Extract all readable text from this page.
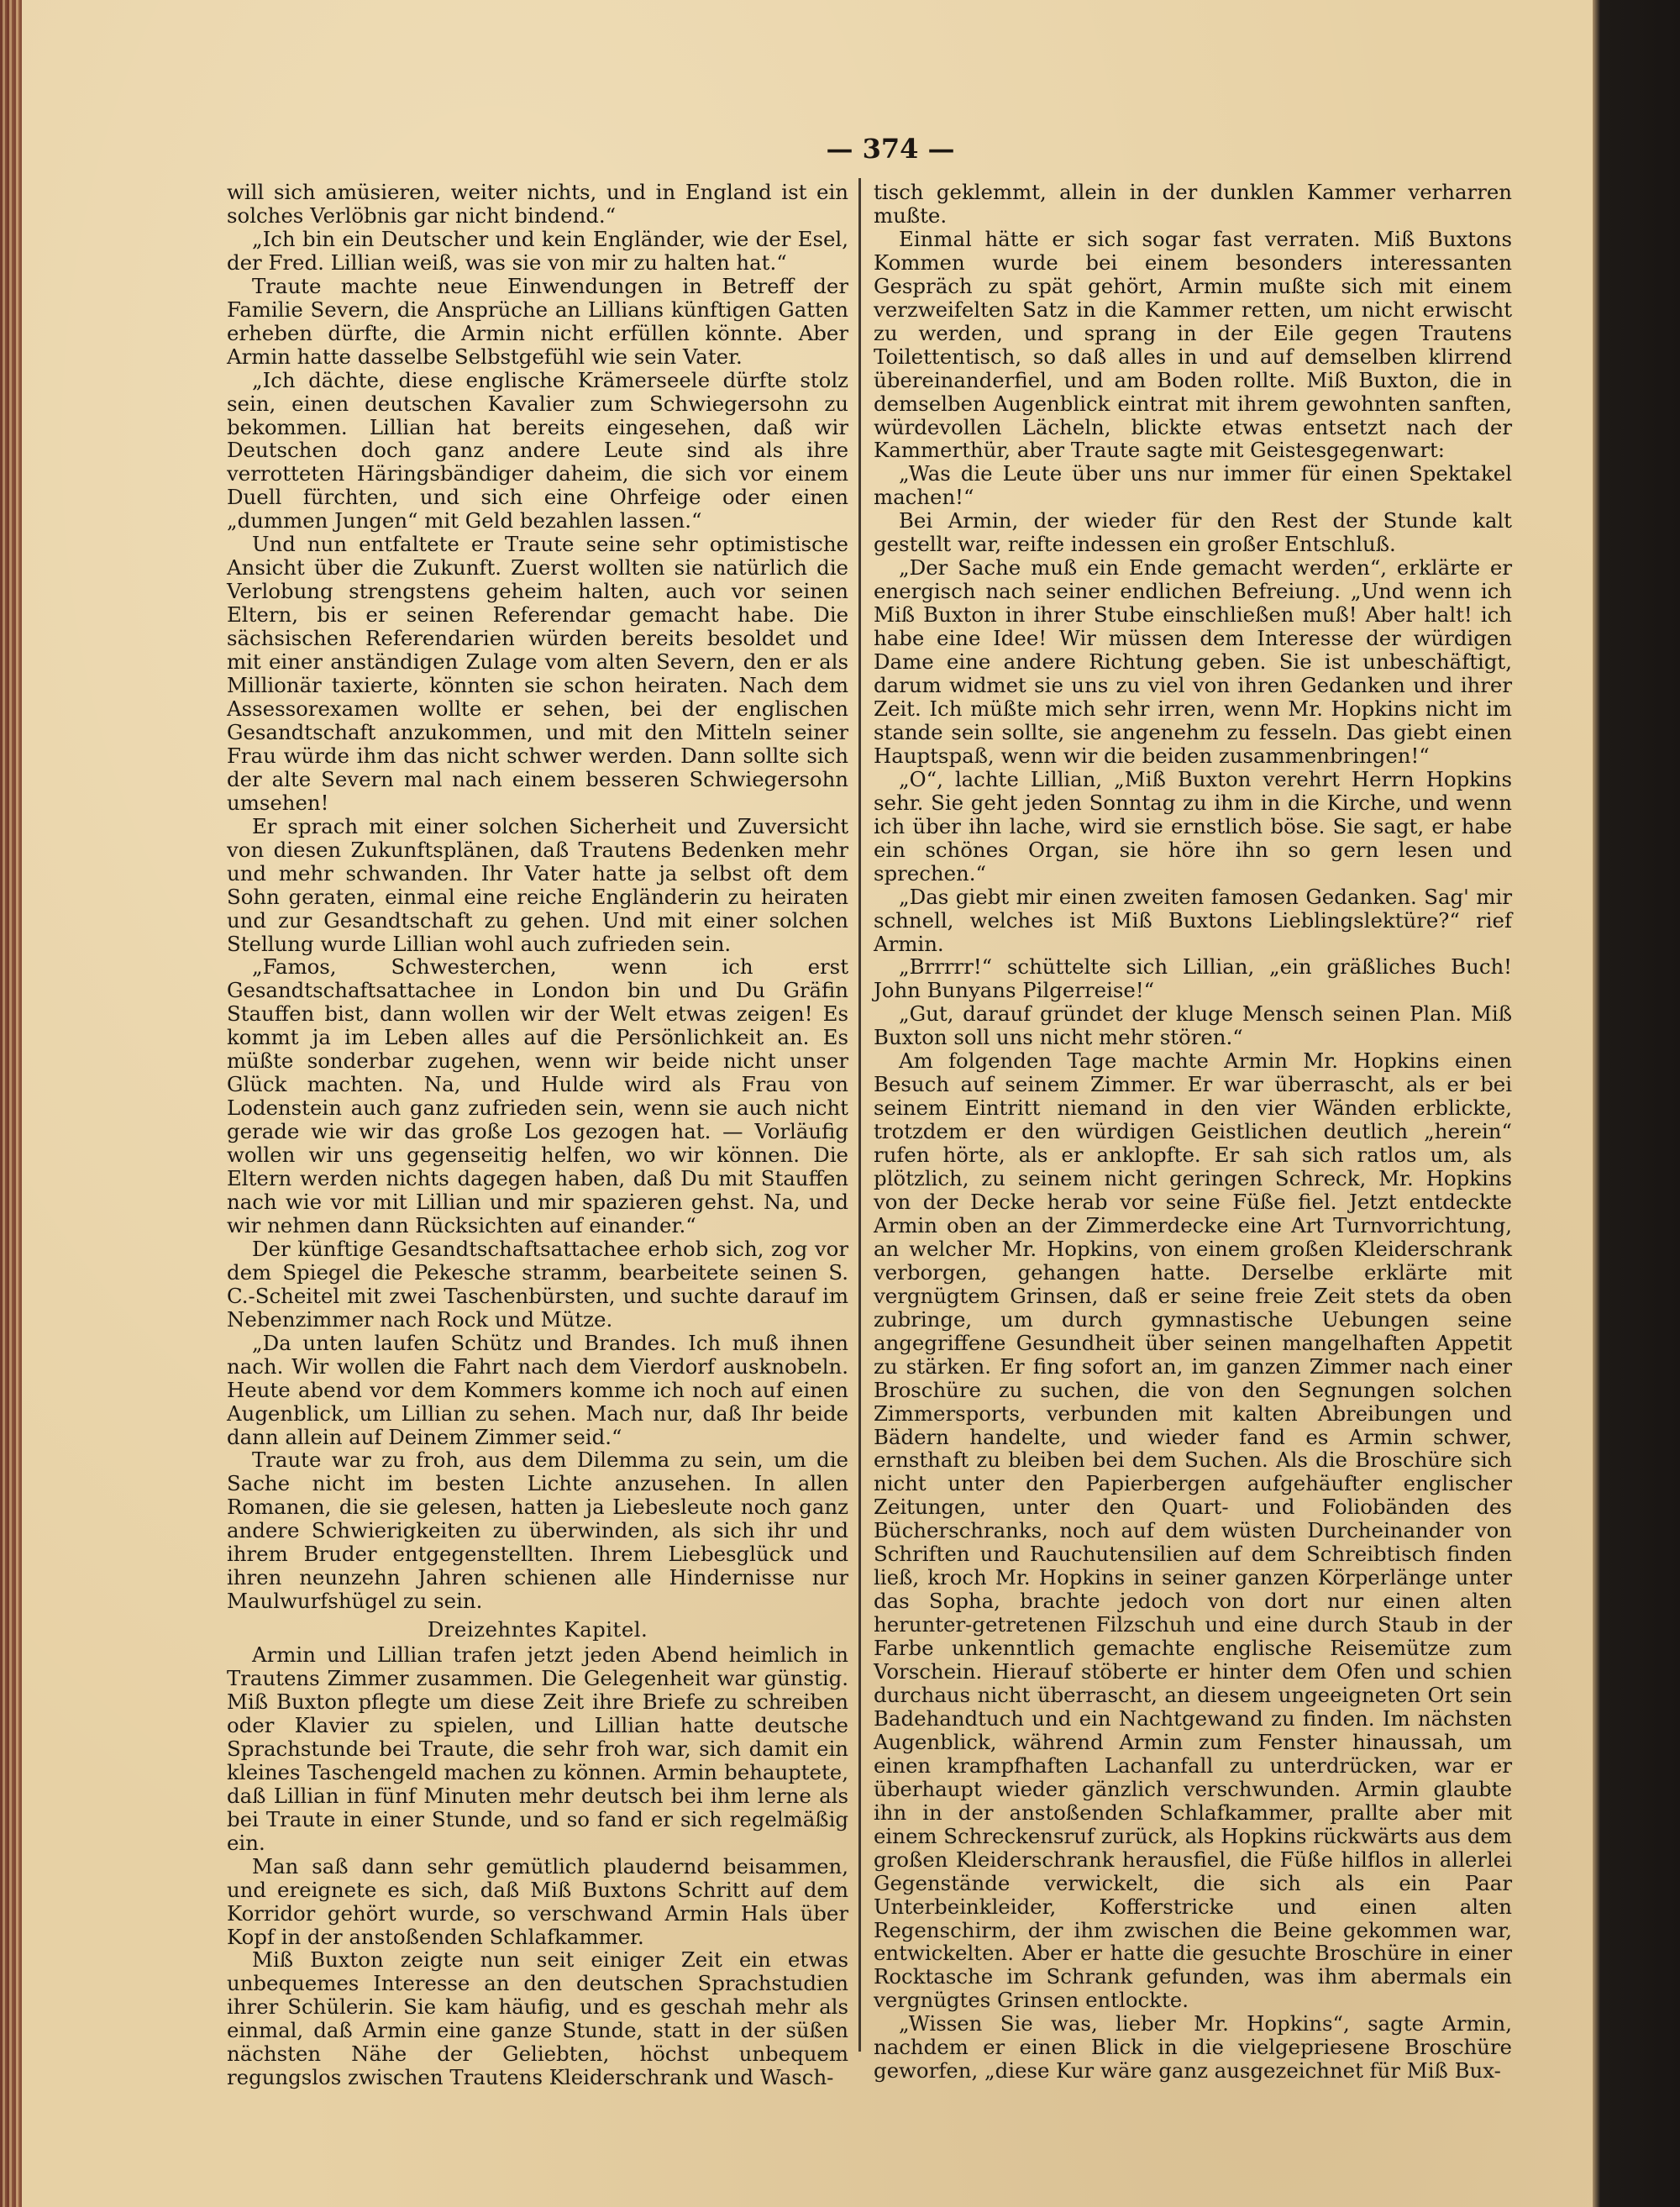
— 374 —

will sich amüsieren, weiter nichts, und in England ist ein solches Verlöbnis gar nicht bindend.“

„Ich bin ein Deutscher und kein Engländer, wie der Esel, der Fred. Lillian weiß, was sie von mir zu halten hat.“

Traute machte neue Einwendungen in Betreff der Familie Severn, die Ansprüche an Lillians künftigen Gatten erheben dürfte, die Armin nicht erfüllen könnte. Aber Armin hatte dasselbe Selbstgefühl wie sein Vater.

„Ich dächte, diese englische Krämerseele dürfte stolz sein, einen deutschen Kavalier zum Schwiegersohn zu bekommen. Lillian hat bereits eingesehen, daß wir Deutschen doch ganz andere Leute sind als ihre verrotteten Häringsbändiger daheim, die sich vor einem Duell fürchten, und sich eine Ohrfeige oder einen „dummen Jungen“ mit Geld bezahlen lassen.“

Und nun entfaltete er Traute seine sehr optimistische Ansicht über die Zukunft. Zuerst wollten sie natürlich die Verlobung strengstens geheim halten, auch vor seinen Eltern, bis er seinen Referendar gemacht habe. Die sächsischen Referendarien würden bereits besoldet und mit einer anständigen Zulage vom alten Severn, den er als Millionär taxierte, könnten sie schon heiraten. Nach dem Assessorexamen wollte er sehen, bei der englischen Gesandtschaft anzukommen, und mit den Mitteln seiner Frau würde ihm das nicht schwer werden. Dann sollte sich der alte Severn mal nach einem besseren Schwiegersohn umsehen!

Er sprach mit einer solchen Sicherheit und Zuversicht von diesen Zukunftsplänen, daß Trautens Bedenken mehr und mehr schwanden. Ihr Vater hatte ja selbst oft dem Sohn geraten, einmal eine reiche Engländerin zu heiraten und zur Gesandtschaft zu gehen. Und mit einer solchen Stellung wurde Lillian wohl auch zufrieden sein.

„Famos, Schwesterchen, wenn ich erst Gesandtschaftsattachee in London bin und Du Gräfin Stauffen bist, dann wollen wir der Welt etwas zeigen! Es kommt ja im Leben alles auf die Persönlichkeit an. Es müßte sonderbar zugehen, wenn wir beide nicht unser Glück machten. Na, und Hulde wird als Frau von Lodenstein auch ganz zufrieden sein, wenn sie auch nicht gerade wie wir das große Los gezogen hat. — Vorläufig wollen wir uns gegenseitig helfen, wo wir können. Die Eltern werden nichts dagegen haben, daß Du mit Stauffen nach wie vor mit Lillian und mir spazieren gehst. Na, und wir nehmen dann Rücksichten auf einander.“

Der künftige Gesandtschaftsattachee erhob sich, zog vor dem Spiegel die Pekesche stramm, bearbeitete seinen S. C.-Scheitel mit zwei Taschenbürsten, und suchte darauf im Nebenzimmer nach Rock und Mütze.

„Da unten laufen Schütz und Brandes. Ich muß ihnen nach. Wir wollen die Fahrt nach dem Vierdorf ausknobeln. Heute abend vor dem Kommers komme ich noch auf einen Augenblick, um Lillian zu sehen. Mach nur, daß Ihr beide dann allein auf Deinem Zimmer seid.“

Traute war zu froh, aus dem Dilemma zu sein, um die Sache nicht im besten Lichte anzusehen. In allen Romanen, die sie gelesen, hatten ja Liebesleute noch ganz andere Schwierigkeiten zu überwinden, als sich ihr und ihrem Bruder entgegenstellten. Ihrem Liebesglück und ihren neunzehn Jahren schienen alle Hindernisse nur Maulwurfshügel zu sein.

Dreizehntes Kapitel.

Armin und Lillian trafen jetzt jeden Abend heimlich in Trautens Zimmer zusammen. Die Gelegenheit war günstig. Miß Buxton pflegte um diese Zeit ihre Briefe zu schreiben oder Klavier zu spielen, und Lillian hatte deutsche Sprachstunde bei Traute, die sehr froh war, sich damit ein kleines Taschengeld machen zu können. Armin behauptete, daß Lillian in fünf Minuten mehr deutsch bei ihm lerne als bei Traute in einer Stunde, und so fand er sich regelmäßig ein.

Man saß dann sehr gemütlich plaudernd beisammen, und ereignete es sich, daß Miß Buxtons Schritt auf dem Korridor gehört wurde, so verschwand Armin Hals über Kopf in der anstoßenden Schlafkammer.

Miß Buxton zeigte nun seit einiger Zeit ein etwas unbequemes Interesse an den deutschen Sprachstudien ihrer Schülerin. Sie kam häufig, und es geschah mehr als einmal, daß Armin eine ganze Stunde, statt in der süßen nächsten Nähe der Geliebten, höchst unbequem regungslos zwischen Trautens Kleiderschrank und Wasch-

tisch geklemmt, allein in der dunklen Kammer verharren mußte.

Einmal hätte er sich sogar fast verraten. Miß Buxtons Kommen wurde bei einem besonders interessanten Gespräch zu spät gehört, Armin mußte sich mit einem verzweifelten Satz in die Kammer retten, um nicht erwischt zu werden, und sprang in der Eile gegen Trautens Toilettentisch, so daß alles in und auf demselben klirrend übereinanderfiel, und am Boden rollte. Miß Buxton, die in demselben Augenblick eintrat mit ihrem gewohnten sanften, würdevollen Lächeln, blickte etwas entsetzt nach der Kammerthür, aber Traute sagte mit Geistesgegenwart:

„Was die Leute über uns nur immer für einen Spektakel machen!“

Bei Armin, der wieder für den Rest der Stunde kalt gestellt war, reifte indessen ein großer Entschluß.

„Der Sache muß ein Ende gemacht werden“, erklärte er energisch nach seiner endlichen Befreiung. „Und wenn ich Miß Buxton in ihrer Stube einschließen muß! Aber halt! ich habe eine Idee! Wir müssen dem Interesse der würdigen Dame eine andere Richtung geben. Sie ist unbeschäftigt, darum widmet sie uns zu viel von ihren Gedanken und ihrer Zeit. Ich müßte mich sehr irren, wenn Mr. Hopkins nicht im stande sein sollte, sie angenehm zu fesseln. Das giebt einen Hauptspaß, wenn wir die beiden zusammenbringen!“

„O“, lachte Lillian, „Miß Buxton verehrt Herrn Hopkins sehr. Sie geht jeden Sonntag zu ihm in die Kirche, und wenn ich über ihn lache, wird sie ernstlich böse. Sie sagt, er habe ein schönes Organ, sie höre ihn so gern lesen und sprechen.“

„Das giebt mir einen zweiten famosen Gedanken. Sag' mir schnell, welches ist Miß Buxtons Lieblingslektüre?“ rief Armin.

„Brrrrr!“ schüttelte sich Lillian, „ein gräßliches Buch! John Bunyans Pilgerreise!“

„Gut, darauf gründet der kluge Mensch seinen Plan. Miß Buxton soll uns nicht mehr stören.“

Am folgenden Tage machte Armin Mr. Hopkins einen Besuch auf seinem Zimmer. Er war überrascht, als er bei seinem Eintritt niemand in den vier Wänden erblickte, trotzdem er den würdigen Geistlichen deutlich „herein“ rufen hörte, als er anklopfte. Er sah sich ratlos um, als plötzlich, zu seinem nicht geringen Schreck, Mr. Hopkins von der Decke herab vor seine Füße fiel. Jetzt entdeckte Armin oben an der Zimmerdecke eine Art Turnvorrichtung, an welcher Mr. Hopkins, von einem großen Kleiderschrank verborgen, gehangen hatte. Derselbe erklärte mit vergnügtem Grinsen, daß er seine freie Zeit stets da oben zubringe, um durch gymnastische Uebungen seine angegriffene Gesundheit über seinen mangelhaften Appetit zu stärken. Er fing sofort an, im ganzen Zimmer nach einer Broschüre zu suchen, die von den Segnungen solchen Zimmersports, verbunden mit kalten Abreibungen und Bädern handelte, und wieder fand es Armin schwer, ernsthaft zu bleiben bei dem Suchen. Als die Broschüre sich nicht unter den Papierbergen aufgehäufter englischer Zeitungen, unter den Quart- und Foliobänden des Bücherschranks, noch auf dem wüsten Durcheinander von Schriften und Rauchutensilien auf dem Schreibtisch finden ließ, kroch Mr. Hopkins in seiner ganzen Körperlänge unter das Sopha, brachte jedoch von dort nur einen alten herunter-getretenen Filzschuh und eine durch Staub in der Farbe unkenntlich gemachte englische Reisemütze zum Vorschein. Hierauf stöberte er hinter dem Ofen und schien durchaus nicht überrascht, an diesem ungeeigneten Ort sein Badehandtuch und ein Nachtgewand zu finden. Im nächsten Augenblick, während Armin zum Fenster hinaussah, um einen krampfhaften Lachanfall zu unterdrücken, war er überhaupt wieder gänzlich verschwunden. Armin glaubte ihn in der anstoßenden Schlafkammer, prallte aber mit einem Schreckensruf zurück, als Hopkins rückwärts aus dem großen Kleiderschrank herausfiel, die Füße hilflos in allerlei Gegenstände verwickelt, die sich als ein Paar Unterbeinkleider, Kofferstricke und einen alten Regenschirm, der ihm zwischen die Beine gekommen war, entwickelten. Aber er hatte die gesuchte Broschüre in einer Rocktasche im Schrank gefunden, was ihm abermals ein vergnügtes Grinsen entlockte.

„Wissen Sie was, lieber Mr. Hopkins“, sagte Armin, nachdem er einen Blick in die vielgepriesene Broschüre geworfen, „diese Kur wäre ganz ausgezeichnet für Miß Bux-
